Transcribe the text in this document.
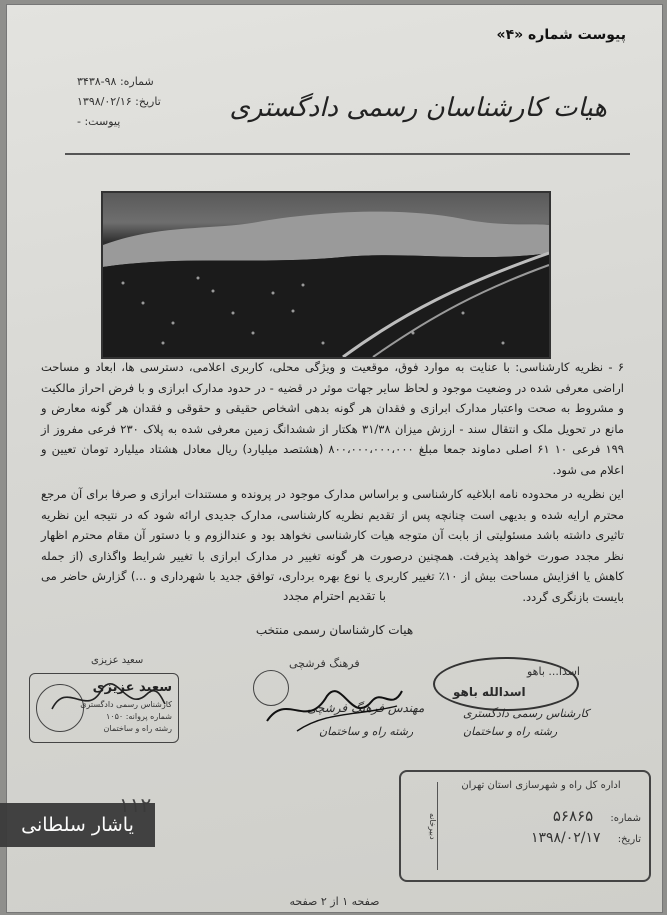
پیوست شماره «۴»
هیات کارشناسان رسمی دادگستری
شماره: ۹۸-۳۴۳۸
تاریخ: ۱۳۹۸/۰۲/۱۶
پیوست: -

۶ - نظریه کارشناسی: با عنایت به موارد فوق، موقعیت و ویژگی محلی، کاربری اعلامی، دسترسی ها، ابعاد و مساحت اراضی معرفی شده در وضعیت موجود و لحاظ سایر جهات موثر در قضیه - در حدود مدارک ابرازی و با فرض احراز مالکیت و مشروط به صحت واعتبار مدارک ابرازی و فقدان هر گونه بدهی اشخاص حقیقی و حقوقی و فقدان هر گونه معارض و مانع در تحویل ملک و انتقال سند - ارزش میزان ۳۱/۳۸ هکتار از ششدانگ زمین معرفی شده به پلاک ۲۳۰ فرعی مفروز از ۱۹۹ فرعی ۱۰ ۶۱ اصلی دماوند جمعا مبلغ ۸۰۰،۰۰۰،۰۰۰،۰۰۰ (هشتصد میلیارد) ریال معادل هشتاد میلیارد تومان تعیین و اعلام می شود.

این نظریه در محدوده نامه ابلاغیه کارشناسی و براساس مدارک موجود در پرونده و مستندات ابرازی و صرفا برای آن مرجع محترم ارایه شده و بدیهی است چنانچه پس از تقدیم نظریه کارشناسی، مدارک جدیدی ارائه شود که در نتیجه این نظریه تاثیری داشته باشد مسئولیتی از بابت آن متوجه هیات کارشناسی نخواهد بود و عندالزوم و با دستور آن مقام محترم اظهار نظر مجدد صورت خواهد پذیرفت. همچنین درصورت هر گونه تغییر در مدارک ابرازی با تغییر شرایط واگذاری (از جمله کاهش یا افزایش مساحت بیش از ۱۰٪ تغییر کاربری یا نوع بهره برداری، توافق جدید با شهرداری و ...) گزارش حاضر می بایست بازنگری گردد.

با تقدیم احترام مجدد
هیات کارشناسان رسمی منتخب
سعید عزیزی
سعید عزیزی
کارشناس رسمی دادگستری
شماره پروانه: ۱۰۵۰
رشته راه و ساختمان
فرهنگ فرشچی
مهندس فرهنگ فرشچی
رشته راه و ساختمان
اسدا... باهو
اسدالله باهو
کارشناس رسمی دادگستری
رشته راه و ساختمان
دبیرخانه
اداره کل راه و شهرسازی استان تهران
شماره: ۵۶۸۶۵
تاریخ: ۱۳۹۸/۰۲/۱۷
صفحه ۱ از ۲ صفحه
یاشار سلطانی
